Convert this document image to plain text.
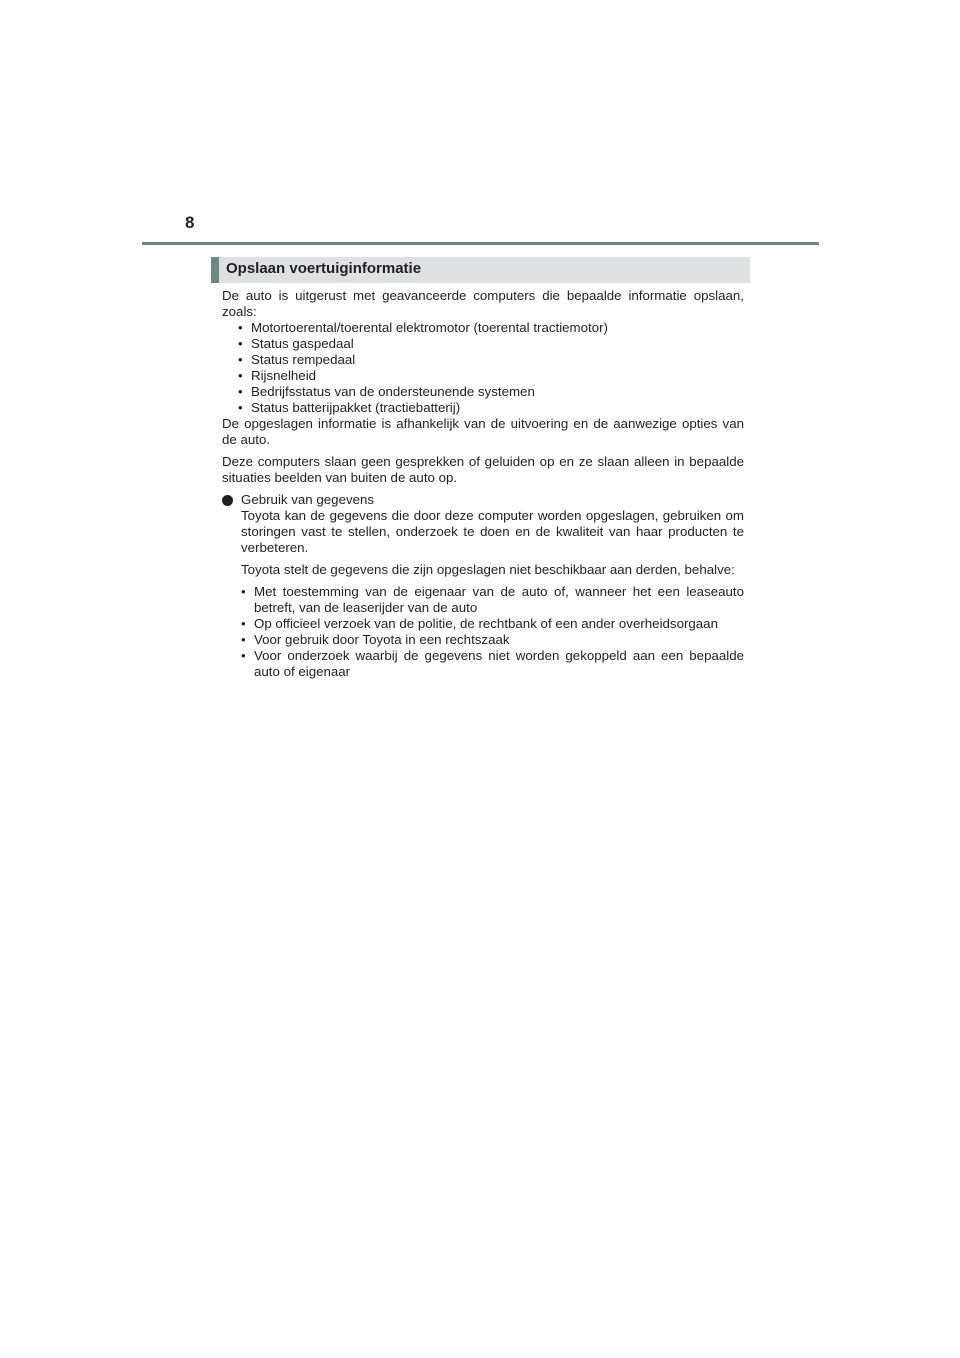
8
Opslaan voertuiginformatie

De auto is uitgerust met geavanceerde computers die bepaalde informatie opslaan, zoals:

• Motortoerental/toerental elektromotor (toerental tractiemotor)
• Status gaspedaal
• Status rempedaal
• Rijsnelheid
• Bedrijfsstatus van de ondersteunende systemen
• Status batterijpakket (tractiebatterij)

De opgeslagen informatie is afhankelijk van de uitvoering en de aanwezige opties van de auto.

Deze computers slaan geen gesprekken of geluiden op en ze slaan alleen in bepaalde situaties beelden van buiten de auto op.

Gebruik van gegevens

Toyota kan de gegevens die door deze computer worden opgeslagen, gebruiken om storingen vast te stellen, onderzoek te doen en de kwaliteit van haar producten te verbeteren.

Toyota stelt de gegevens die zijn opgeslagen niet beschikbaar aan derden, behalve:

• Met toestemming van de eigenaar van de auto of, wanneer het een leaseauto betreft, van de leaserijder van de auto
• Op officieel verzoek van de politie, de rechtbank of een ander overheidsorgaan
• Voor gebruik door Toyota in een rechtszaak
• Voor onderzoek waarbij de gegevens niet worden gekoppeld aan een bepaalde auto of eigenaar
